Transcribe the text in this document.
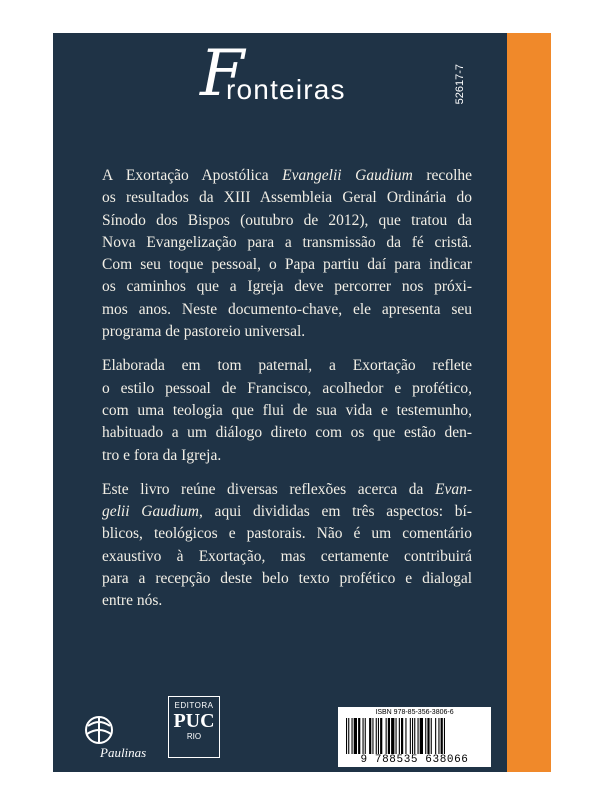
F
ronteiras	52617-7

A Exortação Apostólica Evangelii Gaudium recolhe
os resultados da XIII Assembleia Geral Ordinária do
Sínodo dos Bispos (outubro de 2012), que tratou da
Nova Evangelização para a transmissão da fé cristã.
Com seu toque pessoal, o Papa partiu daí para indicar
os caminhos que a Igreja deve percorrer nos próxi-
mos anos. Neste documento-chave, ele apresenta seu
programa de pastoreio universal.

Elaborada em tom paternal, a Exortação reflete
o estilo pessoal de Francisco, acolhedor e profético,
com uma teologia que flui de sua vida e testemunho,
habituado a um diálogo direto com os que estão den-
tro e fora da Igreja.

Este livro reúne diversas reflexões acerca da Evan-
gelii Gaudium, aqui divididas em três aspectos: bí-
blicos, teológicos e pastorais. Não é um comentário
exaustivo à Exortação, mas certamente contribuirá
para a recepção deste belo texto profético e dialogal
entre nós.

Paulinas
EDITORA
PUC
RIO
ISBN 978-85-356-3806-6
9 788535 638066
